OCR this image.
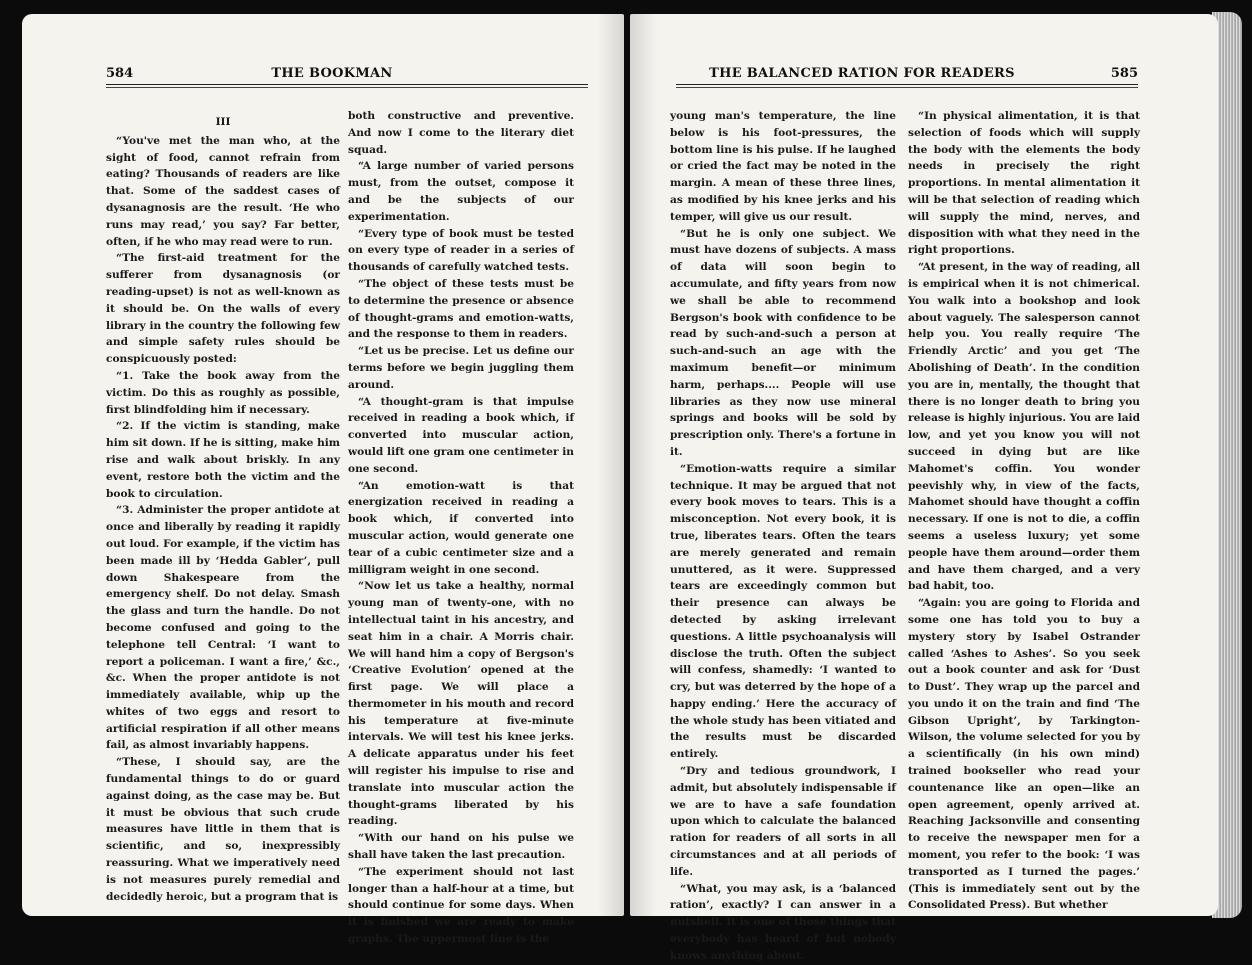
584	THE BOOKMAN

III

“You've met the man who, at the sight of food, cannot refrain from eating? Thousands of readers are like that. Some of the saddest cases of dysanagnosis are the result. ‘He who runs may read,’ you say? Far better, often, if he who may read were to run.

“The first-aid treatment for the sufferer from dysanagnosis (or reading-upset) is not as well-known as it should be. On the walls of every library in the country the following few and simple safety rules should be conspicuously posted:

“1. Take the book away from the victim. Do this as roughly as possible, first blindfolding him if necessary.

“2. If the victim is standing, make him sit down. If he is sitting, make him rise and walk about briskly. In any event, restore both the victim and the book to circulation.

“3. Administer the proper antidote at once and liberally by reading it rapidly out loud. For example, if the victim has been made ill by ‘Hedda Gabler’, pull down Shakespeare from the emergency shelf. Do not delay. Smash the glass and turn the handle. Do not become confused and going to the telephone tell Central: ‘I want to report a policeman. I want a fire,’ &c., &c. When the proper antidote is not immediately available, whip up the whites of two eggs and resort to artificial respiration if all other means fail, as almost invariably happens.

“These, I should say, are the fundamental things to do or guard against doing, as the case may be. But it must be obvious that such crude measures have little in them that is scientific, and so, inexpressibly reassuring. What we imperatively need is not measures purely remedial and decidedly heroic, but a program that is

both constructive and preventive. And now I come to the literary diet squad.

“A large number of varied persons must, from the outset, compose it and be the subjects of our experimentation.

“Every type of book must be tested on every type of reader in a series of thousands of carefully watched tests.

“The object of these tests must be to determine the presence or absence of thought-grams and emotion-watts, and the response to them in readers.

“Let us be precise. Let us define our terms before we begin juggling them around.

“A thought-gram is that impulse received in reading a book which, if converted into muscular action, would lift one gram one centimeter in one second.

“An emotion-watt is that energization received in reading a book which, if converted into muscular action, would generate one tear of a cubic centimeter size and a milligram weight in one second.

“Now let us take a healthy, normal young man of twenty-one, with no intellectual taint in his ancestry, and seat him in a chair. A Morris chair. We will hand him a copy of Bergson's ‘Creative Evolution’ opened at the first page. We will place a thermometer in his mouth and record his temperature at five-minute intervals. We will test his knee jerks. A delicate apparatus under his feet will register his impulse to rise and translate into muscular action the thought-grams liberated by his reading.

“With our hand on his pulse we shall have taken the last precaution.

“The experiment should not last longer than a half-hour at a time, but should continue for some days. When it is finished we are ready to make graphs. The uppermost line is the

THE BALANCED RATION FOR READERS	585

young man's temperature, the line below is his foot-pressures, the bottom line is his pulse. If he laughed or cried the fact may be noted in the margin. A mean of these three lines, as modified by his knee jerks and his temper, will give us our result.

“But he is only one subject. We must have dozens of subjects. A mass of data will soon begin to accumulate, and fifty years from now we shall be able to recommend Bergson's book with confidence to be read by such-and-such a person at such-and-such an age with the maximum benefit—or minimum harm, perhaps.... People will use libraries as they now use mineral springs and books will be sold by prescription only. There's a fortune in it.

“Emotion-watts require a similar technique. It may be argued that not every book moves to tears. This is a misconception. Not every book, it is true, liberates tears. Often the tears are merely generated and remain unuttered, as it were. Suppressed tears are exceedingly common but their presence can always be detected by asking irrelevant questions. A little psychoanalysis will disclose the truth. Often the subject will confess, shamedly: ‘I wanted to cry, but was deterred by the hope of a happy ending.’ Here the accuracy of the whole study has been vitiated and the results must be discarded entirely.

“Dry and tedious groundwork, I admit, but absolutely indispensable if we are to have a safe foundation upon which to calculate the balanced ration for readers of all sorts in all circumstances and at all periods of life.

“What, you may ask, is a ‘balanced ration’, exactly? I can answer in a nutshell. It is one of those things that everybody has heard of but nobody knows anything about.

“In physical alimentation, it is that selection of foods which will supply the body with the elements the body needs in precisely the right proportions. In mental alimentation it will be that selection of reading which will supply the mind, nerves, and disposition with what they need in the right proportions.

“At present, in the way of reading, all is empirical when it is not chimerical. You walk into a bookshop and look about vaguely. The salesperson cannot help you. You really require ‘The Friendly Arctic’ and you get ‘The Abolishing of Death’. In the condition you are in, mentally, the thought that there is no longer death to bring you release is highly injurious. You are laid low, and yet you know you will not succeed in dying but are like Mahomet's coffin. You wonder peevishly why, in view of the facts, Mahomet should have thought a coffin necessary. If one is not to die, a coffin seems a useless luxury; yet some people have them around—order them and have them charged, and a very bad habit, too.

“Again: you are going to Florida and some one has told you to buy a mystery story by Isabel Ostrander called ‘Ashes to Ashes’. So you seek out a book counter and ask for ‘Dust to Dust’. They wrap up the parcel and you undo it on the train and find ‘The Gibson Upright’, by Tarkington-Wilson, the volume selected for you by a scientifically (in his own mind) trained bookseller who read your countenance like an open—like an open agreement, openly arrived at. Reaching Jacksonville and consenting to receive the newspaper men for a moment, you refer to the book: ‘I was transported as I turned the pages.’ (This is immediately sent out by the Consolidated Press). But whether
